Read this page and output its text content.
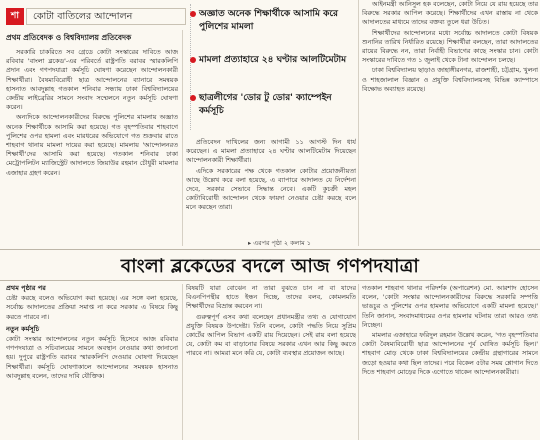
শা	কোটা বাতিলের আন্দোলন
প্রথম প্রতিবেদক ও বিশ্ববিদ্যালয় প্রতিবেদক

সরকারি চাকরিতে সব গ্রেডে কোটা সংস্কারের দাবিতে আজ রবিবার 'বাংলা ব্লকেড'-এর পরিবর্তে রাষ্ট্রপতি বরাবর স্মারকলিপি প্রদান এবং গণপদযাত্রা কর্মসূচি ঘোষণা করেছেন আন্দোলনকারী শিক্ষার্থীরা। বৈষম্যবিরোধী ছাত্র আন্দোলনের ব্যানারে সমন্বয়ক হাসনাত আবদুল্লাহ গতকাল শনিবার সন্ধ্যায় ঢাকা বিশ্ববিদ্যালয়ের কেন্দ্রীয় লাইব্রেরির সামনে সংবাদ সম্মেলনে নতুন কর্মসূচি ঘোষণা করেন।

অন্যদিকে আন্দোলনকারীদের বিরুদ্ধে পুলিশের মামলায় অজ্ঞাত অনেক শিক্ষার্থীকে আসামি করা হয়েছে। গত বৃহস্পতিবার শাহবাগে পুলিশের ওপর হামলা এবং মারধরের অভিযোগে গত শুক্রবার রাতে শাহবাগ থানায় মামলা দায়ের করা হয়েছে। মামলায় 'আন্দোলনরত শিক্ষার্থী'দের আসামি করা হয়েছে। গতকাল শনিবার ঢাকা মেট্রোপলিটন ম্যাজিস্ট্রেট আদালতে জিয়াউর রহমান চৌধুরী মামলার এজাহার গ্রহণ করেন।

অজ্ঞাত অনেক শিক্ষার্থীকে আসামি করে পুলিশের মামলা
মামলা প্রত্যাহারে ২৪ ঘণ্টার আলটিমেটাম
ছাত্রলীগের 'ডোর টু ডোর' ক্যাম্পেইন কর্মসূচি

প্রতিবেদন দাখিলের জন্য আগামী ১১ আগস্ট দিন ধার্য করেছেন। এ মামলা প্রত্যাহারে ২৪ ঘণ্টার আলটিমেটাম দিয়েছেন আন্দোলনকারী শিক্ষার্থীরা।

এদিকে সরকারের পক্ষ থেকে গতকাল কোটার প্রয়োজনীয়তা আছে উল্লেখ করে বলা হয়েছে, এ ব্যাপারে আদালত যে নির্দেশনা দেবে, সরকার সেভাবে সিদ্ধান্ত নেবে। একটি কুচক্রী মহল কোটাবিরোধী আন্দোলন থেকে ফায়দা নেওয়ার চেষ্টা করছে বলে মনে করছেন তারা।

▸ এরপর পৃষ্ঠা ২ কলাম ১

আইনমন্ত্রী আনিসুল হক বলেছেন, কোটা নিয়ে যে রায় হয়েছে তার বিরুদ্ধে সরকার আপিল করেছে। শিক্ষার্থীদের এখন রাস্তায় না থেকে আদালতের মাধ্যমে তাদের বক্তব্য তুলে ধরা উচিত।

শিক্ষার্থীদের আন্দোলনের মধ্যে সর্বোচ্চ আদালতে কোটা বিষয়ক শুনানির তারিখ নির্ধারিত রয়েছে। শিক্ষার্থীরা বলছেন, তারা আদালতের রায়ের বিরুদ্ধে নন, তারা নির্বাহী বিভাগের কাছে সংস্কার চান। কোটা সংস্কারের দাবিতে গত ১ জুলাই থেকে টানা আন্দোলন চলছে।

ঢাকা বিশ্ববিদ্যালয় ছাড়াও জাহাঙ্গীরনগর, রাজশাহী, চট্টগ্রাম, খুলনা ও শাহজালাল বিজ্ঞান ও প্রযুক্তি বিশ্ববিদ্যালয়সহ বিভিন্ন ক্যাম্পাসে বিক্ষোভ অব্যাহত রয়েছে।

বাংলা ব্লকেডের বদলে আজ গণপদযাত্রা
প্রথম পৃষ্ঠার পর

চেষ্টা করছে বলেও অভিযোগ করা হয়েছে। এর সঙ্গে বলা হয়েছে, সর্বোচ্চ আদালতের প্রক্রিয়া সমাপ্ত না করে সরকার এ বিষয়ে কিছু করতে পারবে না।

নতুন কর্মসূচি

কোটা সংস্কার আন্দোলনের নতুন কর্মসূচি হিসেবে আজ রবিবার গণপদযাত্রা ও সচিবালয়ের সামনে অবস্থান নেওয়ার কথা জানানো হয়। দুপুরে রাষ্ট্রপতি বরাবর স্মারকলিপি দেওয়ার ঘোষণা দিয়েছেন শিক্ষার্থীরা। কর্মসূচি ঘোষণাকালে আন্দোলনের সমন্বয়ক হাসনাত আবদুল্লাহ বলেন, তাদের দাবি যৌক্তিক।

বিষয়টি যারা বোঝেন না তারা বুঝতে চান না বা যাদের বিএনপিপন্থীর হাতে ইন্ধন দিচ্ছে, তাদের বলব, কোমলমতি শিক্ষার্থীদের বিভ্রান্ত করবেন না।

গুরুত্বপূর্ণ এসব কথা বলেছেন প্রধানমন্ত্রীর তথ্য ও যোগাযোগ প্রযুক্তি বিষয়ক উপদেষ্টা। তিনি বলেন, কোটা পদ্ধতি নিয়ে সুপ্রিম কোর্টের আপিল বিভাগ একটি রায় দিয়েছেন। সেই রায় বলা হয়েছে যে, কোটা কম বা বাড়ানোর বিষয়ে সরকার এখন আর কিছু করতে পারবে না। আমরা মনে করি যে, কোটা ব্যবস্থার প্রয়োজন আছে।

গতকাল শাহবাগ থানার পরিদর্শক (অপারেশন) মো. আরশাদ হোসেন বলেন, 'কোটা সংস্কার আন্দোলনকারীদের বিরুদ্ধে সরকারি সম্পত্তি ভাঙচুর ও পুলিশের ওপর হামলার অভিযোগে একটি মামলা হয়েছে।' তিনি জানান, সংবাদমাধ্যমের ওপর হামলার ঘটনায় তারা আরও তথ্য নিচ্ছেন।

মামলার এজাহারে ফরিদুল রহমান উল্লেখ করেন, 'গত বৃহস্পতিবার কোটা বৈষম্যবিরোধী ছাত্র আন্দোলনের পূর্ব ঘোষিত কর্মসূচি ছিল।' শাহবাগ মোড় থেকে ঢাকা বিশ্ববিদ্যালয়ের কেন্দ্রীয় গ্রন্থাগারের সামনে জড়ো হওয়ার কথা ছিল তাদের। পরে বিকেল ৫টার সময় শ্লোগান দিতে দিতে শাহবাগ মোড়ের দিকে এগোতে থাকেন আন্দোলনকারীরা।
